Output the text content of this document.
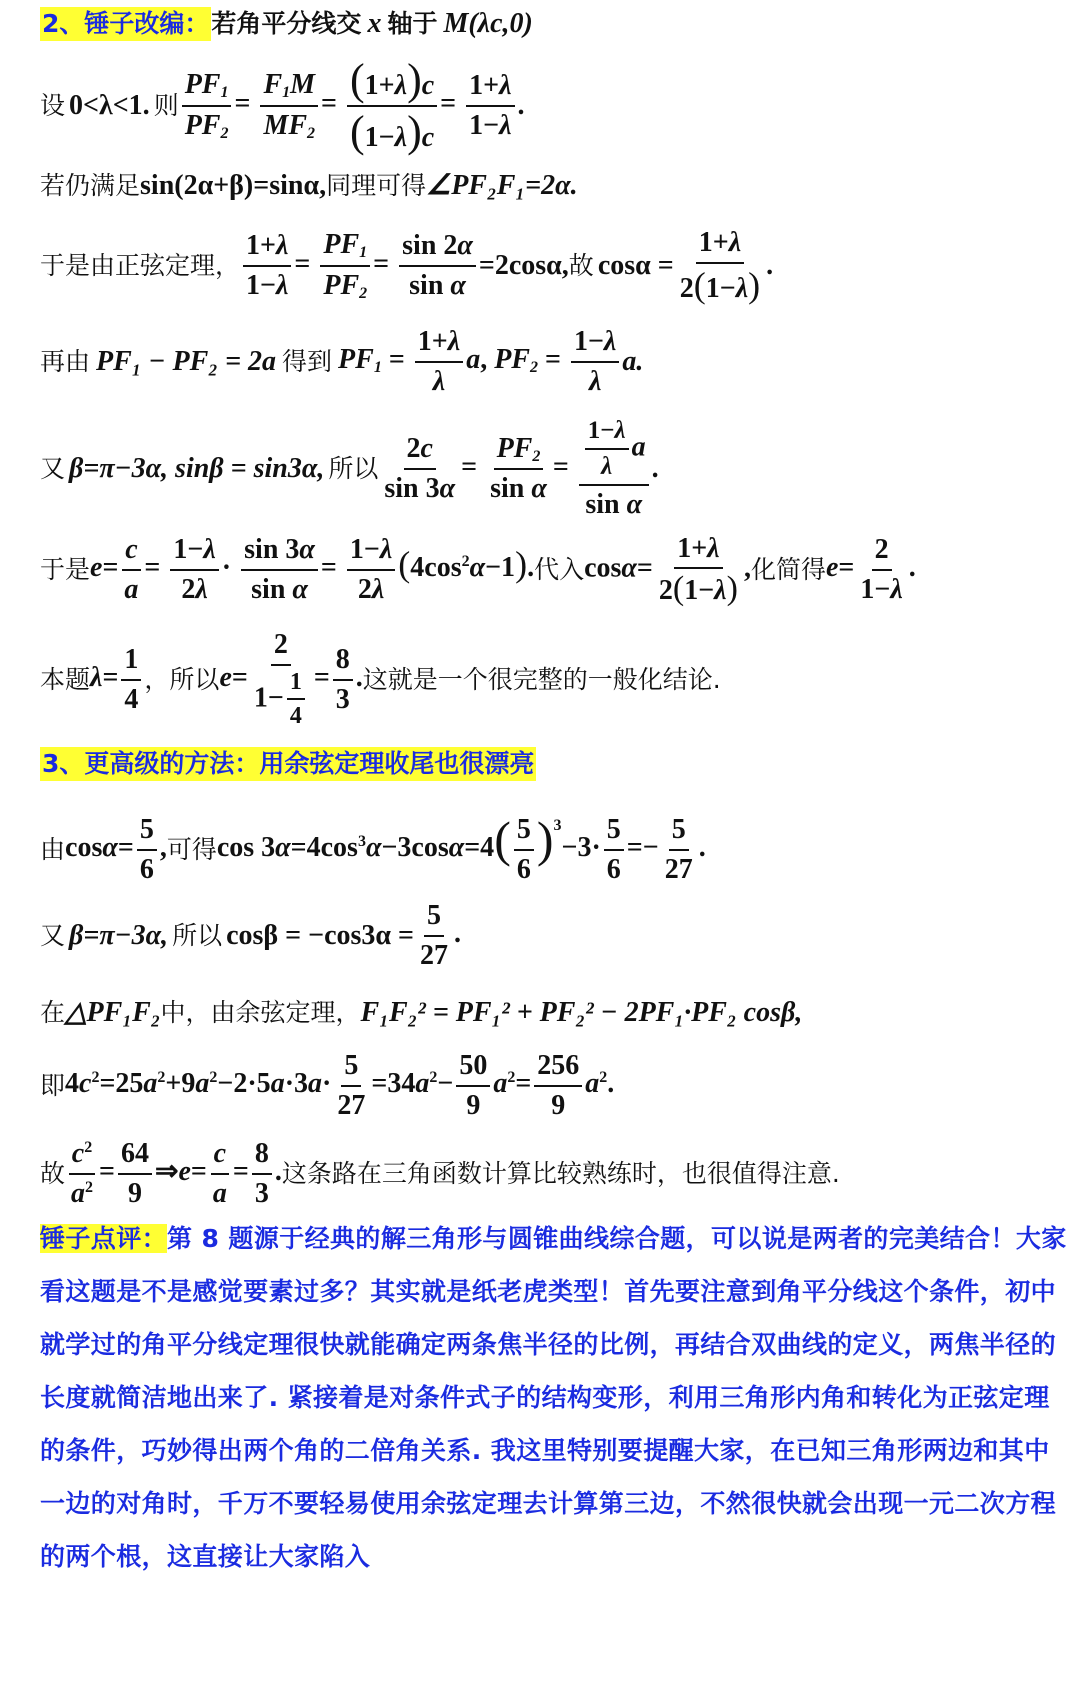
2、锤子改编： 若角平分线交 x 轴于 M(λc,0)
设 0<λ<1. 则 $\frac{PF_1}{PF_2} = \frac{F_1M}{MF_2} = \frac{(1+\lambda)c}{(1-\lambda)c} = \frac{1+\lambda}{1-\lambda}$ .
若仍满足 sin(2α+β)=sinα, 同理可得 ∠PF₂F₁=2α.
于是由正弦定理， $\frac{1+\lambda}{1-\lambda} = \frac{PF_1}{PF_2} = \frac{\sin 2\alpha}{\text{sin α}} =2\cos\alpha$, 故 $\cos\alpha = \frac{1+\lambda}{2(1-\lambda)}$ .
再由 PF₁ − PF₂ = 2a 得到 $PF_1 = \frac{1+\lambda}{\lambda} a$, $PF_2 = \frac{1-\lambda}{\lambda} a$.
又 β=π−3α, sinβ = sin3α, 所以 $\frac{2c}{\sin 3\alpha} = \frac{PF_2}{\text{sin α}} = \frac{\frac{1-\lambda}{\lambda} a}{\text{sin α}}$ .
于是 $e= \frac{c}{a} = \frac{1-\lambda}{2\lambda} \cdot \frac{\sin 3\alpha}{\text{sin α}} = \frac{1-\lambda}{2\lambda} (4\cos^2\alpha-1)$. 代入 $\cos\alpha= \frac{1+\lambda}{2(1-\lambda)}$ , 化简得 $e= \frac{2}{1-\lambda}$ .
本题 $\lambda= \frac{1}{4}$ ，所以 $e= \frac{2}{1- \frac{1}{4}} = \frac{8}{3}$ . 这就是一个很完整的一般化结论.
3、更高级的方法：用余弦定理收尾也很漂亮
由 $\cos\alpha= \frac{5}{6}$ , 可得 $\cos 3\alpha=4\cos^3\alpha-3\cos\alpha=4( \frac{5}{6} )^3-3\cdot \frac{5}{6} =- \frac{5}{27}$ .
又 β=π−3α, 所以 $\cos\beta = -\cos 3\alpha = \frac{5}{27}$ .
在 △PF₁F₂ 中，由余弦定理， F₁F₂² = PF₁² + PF₂² − 2PF₁·PF₂ cosβ,
即 $4c^2=25a^2+9a^2-2\cdot 5a\cdot 3a\cdot \frac{5}{27} =34a^2- \frac{50}{9} a^2= \frac{256}{9} a^2$.
故 $\frac{c^2}{a^2} = \frac{64}{9}$ ⇒e= $\frac{c}{a} = \frac{8}{3}$ . 这条路在三角函数计算比较熟练时，也很值得注意.
锤子点评：第 8 题源于经典的解三角形与圆锥曲线综合题，可以说是两者的完美结合！大家看这题是不是感觉要素过多？其实就是纸老虎类型！首先要注意到角平分线这个条件，初中就学过的角平分线定理很快就能确定两条焦半径的比例，再结合双曲线的定义，两焦半径的长度就简洁地出来了. 紧接着是对条件式子的结构变形，利用三角形内角和转化为正弦定理的条件，巧妙得出两个角的二倍角关系. 我这里特别要提醒大家，在已知三角形两边和其中一边的对角时，千万不要轻易使用余弦定理去计算第三边，不然很快就会出现一元二次方程的两个根，这直接让大家陷入
